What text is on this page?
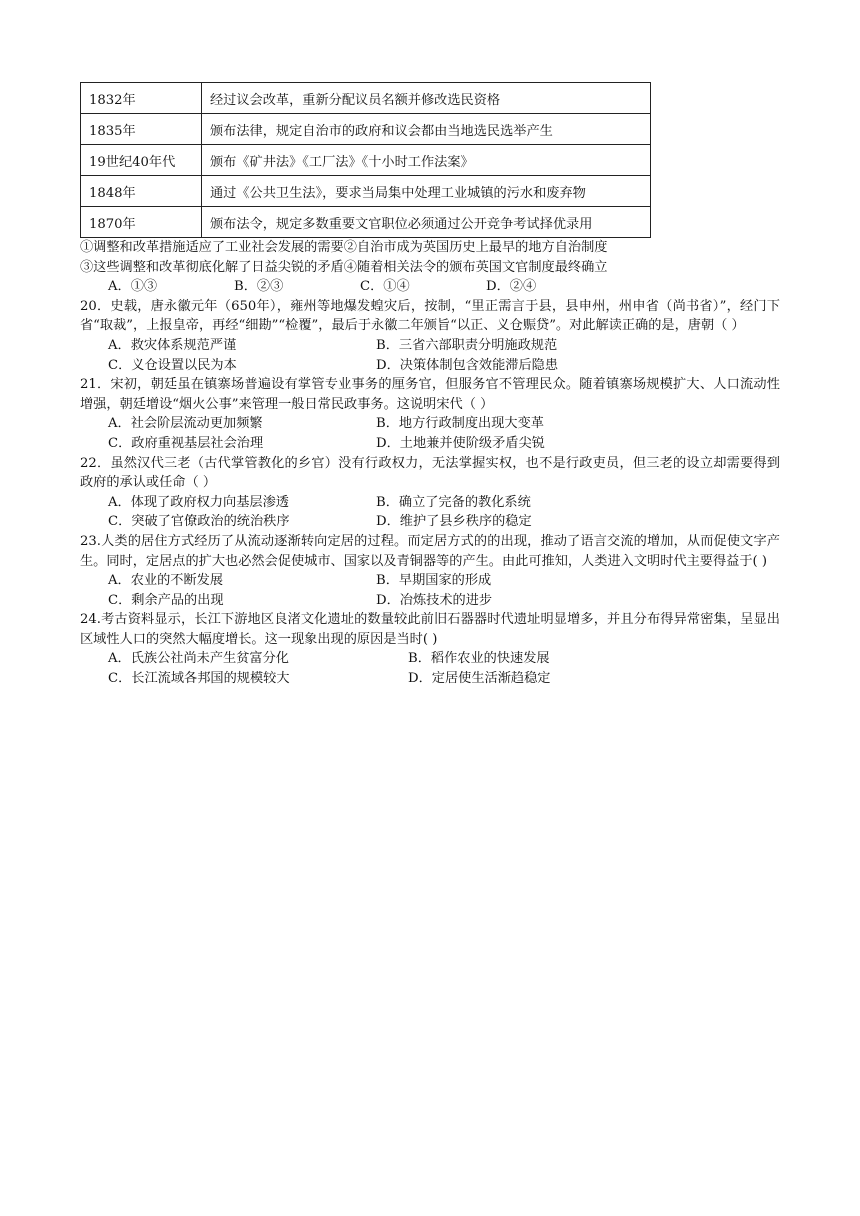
1832年	经过议会改革，重新分配议员名额并修改选民资格
1835年	颁布法律，规定自治市的政府和议会都由当地选民选举产生
19世纪40年代	颁布《矿井法》《工厂法》《十小时工作法案》
1848年	通过《公共卫生法》，要求当局集中处理工业城镇的污水和废弃物
1870年	颁布法令，规定多数重要文官职位必须通过公开竞争考试择优录用
①调整和改革措施适应了工业社会发展的需要②自治市成为英国历史上最早的地方自治制度
③这些调整和改革彻底化解了日益尖锐的矛盾④随着相关法令的颁布英国文官制度最终确立
A．①③	B．②③	C．①④	D．②④
20．史载，唐永徽元年（650年），雍州等地爆发蝗灾后，按制，“里正需言于县，县申州，州申省（尚书省）”，经门下省“取裁”，上报皇帝，再经“细勘”“检覆”，最后于永徽二年颁旨“以正、义仓赈贷”。对此解读正确的是，唐朝（ ）
A．救灾体系规范严谨	B．三省六部职责分明施政规范
C．义仓设置以民为本	D．决策体制包含效能滞后隐患
21．宋初，朝廷虽在镇寨场普遍设有掌管专业事务的厘务官，但服务官不管理民众。随着镇寨场规模扩大、人口流动性增强，朝廷增设“烟火公事”来管理一般日常民政事务。这说明宋代（ ）
A．社会阶层流动更加频繁	B．地方行政制度出现大变革
C．政府重视基层社会治理	D．土地兼并使阶级矛盾尖锐
22．虽然汉代三老（古代掌管教化的乡官）没有行政权力，无法掌握实权，也不是行政吏员，但三老的设立却需要得到政府的承认或任命（ ）
A．体现了政府权力向基层渗透	B．确立了完备的教化系统
C．突破了官僚政治的统治秩序	D．维护了县乡秩序的稳定
23.人类的居住方式经历了从流动逐渐转向定居的过程。而定居方式的的出现，推动了语言交流的增加，从而促使文字产生。同时，定居点的扩大也必然会促使城市、国家以及青铜器等的产生。由此可推知，人类进入文明时代主要得益于( )
A．农业的不断发展	B．早期国家的形成
C．剩余产品的出现	D．冶炼技术的进步
24.考古资料显示，长江下游地区良渚文化遗址的数量较此前旧石器器时代遗址明显增多，并且分布得异常密集，呈显出区域性人口的突然大幅度增长。这一现象出现的原因是当时( )
A．氏族公社尚未产生贫富分化	B．稻作农业的快速发展
C．长江流域各邦国的规模较大	D．定居使生活渐趋稳定
